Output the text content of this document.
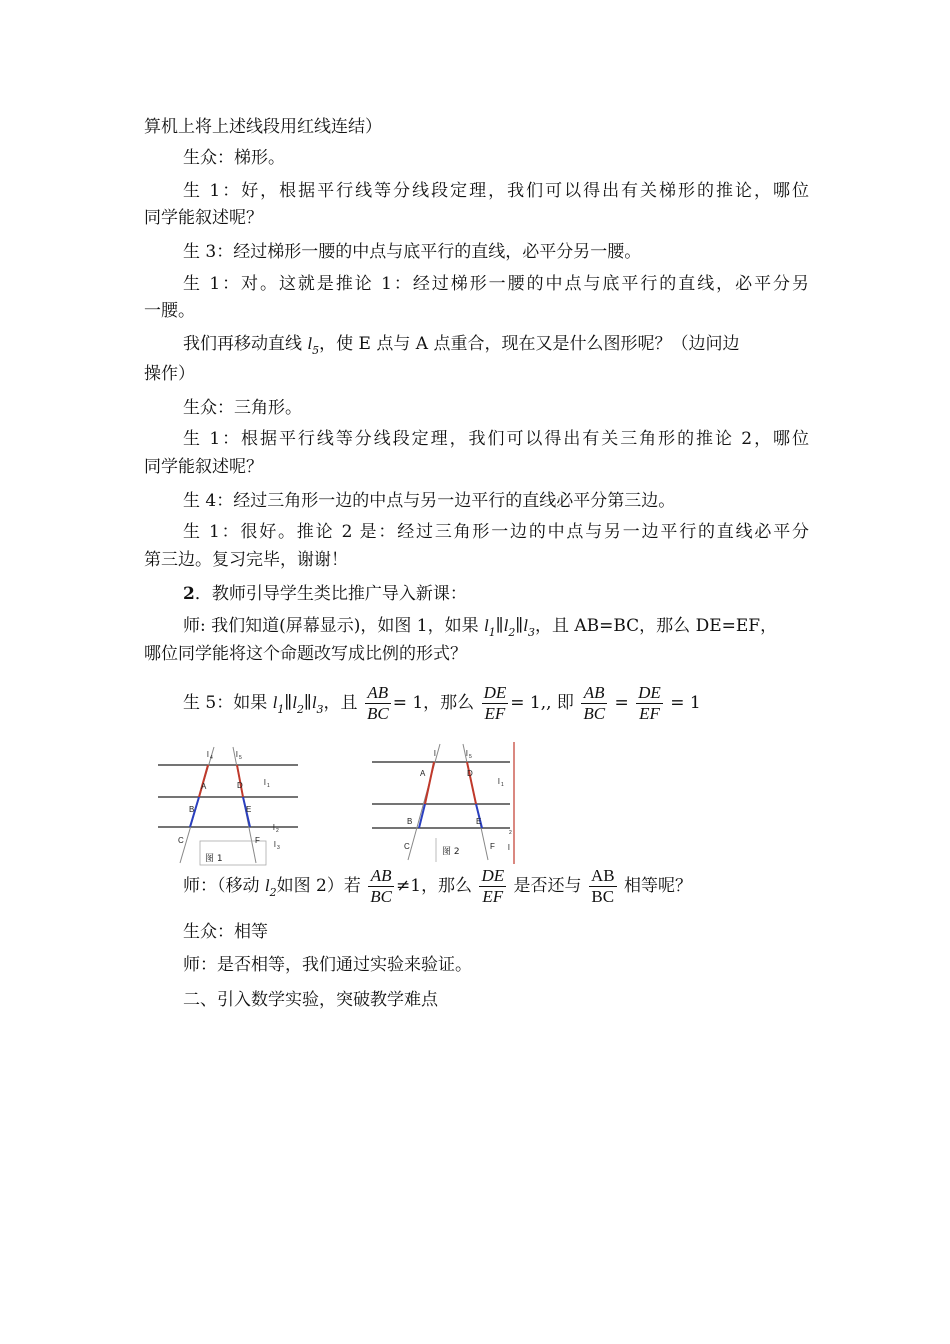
算机上将上述线段用红线连结）
生众：梯形。
生 1：好，根据平行线等分线段定理，我们可以得出有关梯形的推论，哪位
同学能叙述呢？
生 3：经过梯形一腰的中点与底平行的直线，必平分另一腰。
生 1：对。这就是推论 1：经过梯形一腰的中点与底平行的直线，必平分另
一腰。
我们再移动直线 $l_5$，使 E 点与 A 点重合，现在又是什么图形呢？（边问边
操作）
生众：三角形。
生 1：根据平行线等分线段定理，我们可以得出有关三角形的推论 2，哪位
同学能叙述呢？
生 4：经过三角形一边的中点与另一边平行的直线必平分第三边。
生 1：很好。推论 2 是：经过三角形一边的中点与另一边平行的直线必平分
第三边。复习完毕，谢谢！
2．教师引导学生类比推广导入新课：
师: 我们知道(屏幕显示)，如图 1，如果 $l_1\parallel l_2\parallel l_3$，且 AB=BC，那么 DE=EF，
哪位同学能将这个命题改写成比例的形式？
生 5：如果 $l_1\parallel l_2\parallel l_3$，且 $\frac{AB}{BC} = 1$，那么 $\frac{DE}{EF} = 1$,, 即 $\frac{AB}{BC} = \frac{DE}{EF} = 1$
l 4	l 5
l 1
l 2
l 3
A	D
B	E
C	F
图 1
l	l 5
l 1
2
l
A	D
B	E
C	F
图 2
师：（移动 $l_2$如图 2）若 $\frac{AB}{BC} \ne 1$，那么 $\frac{DE}{EF}$ 是否还与 $\frac{AB}{BC}$ 相等呢？
生众：相等
师：是否相等，我们通过实验来验证。
二、引入数学实验，突破教学难点
